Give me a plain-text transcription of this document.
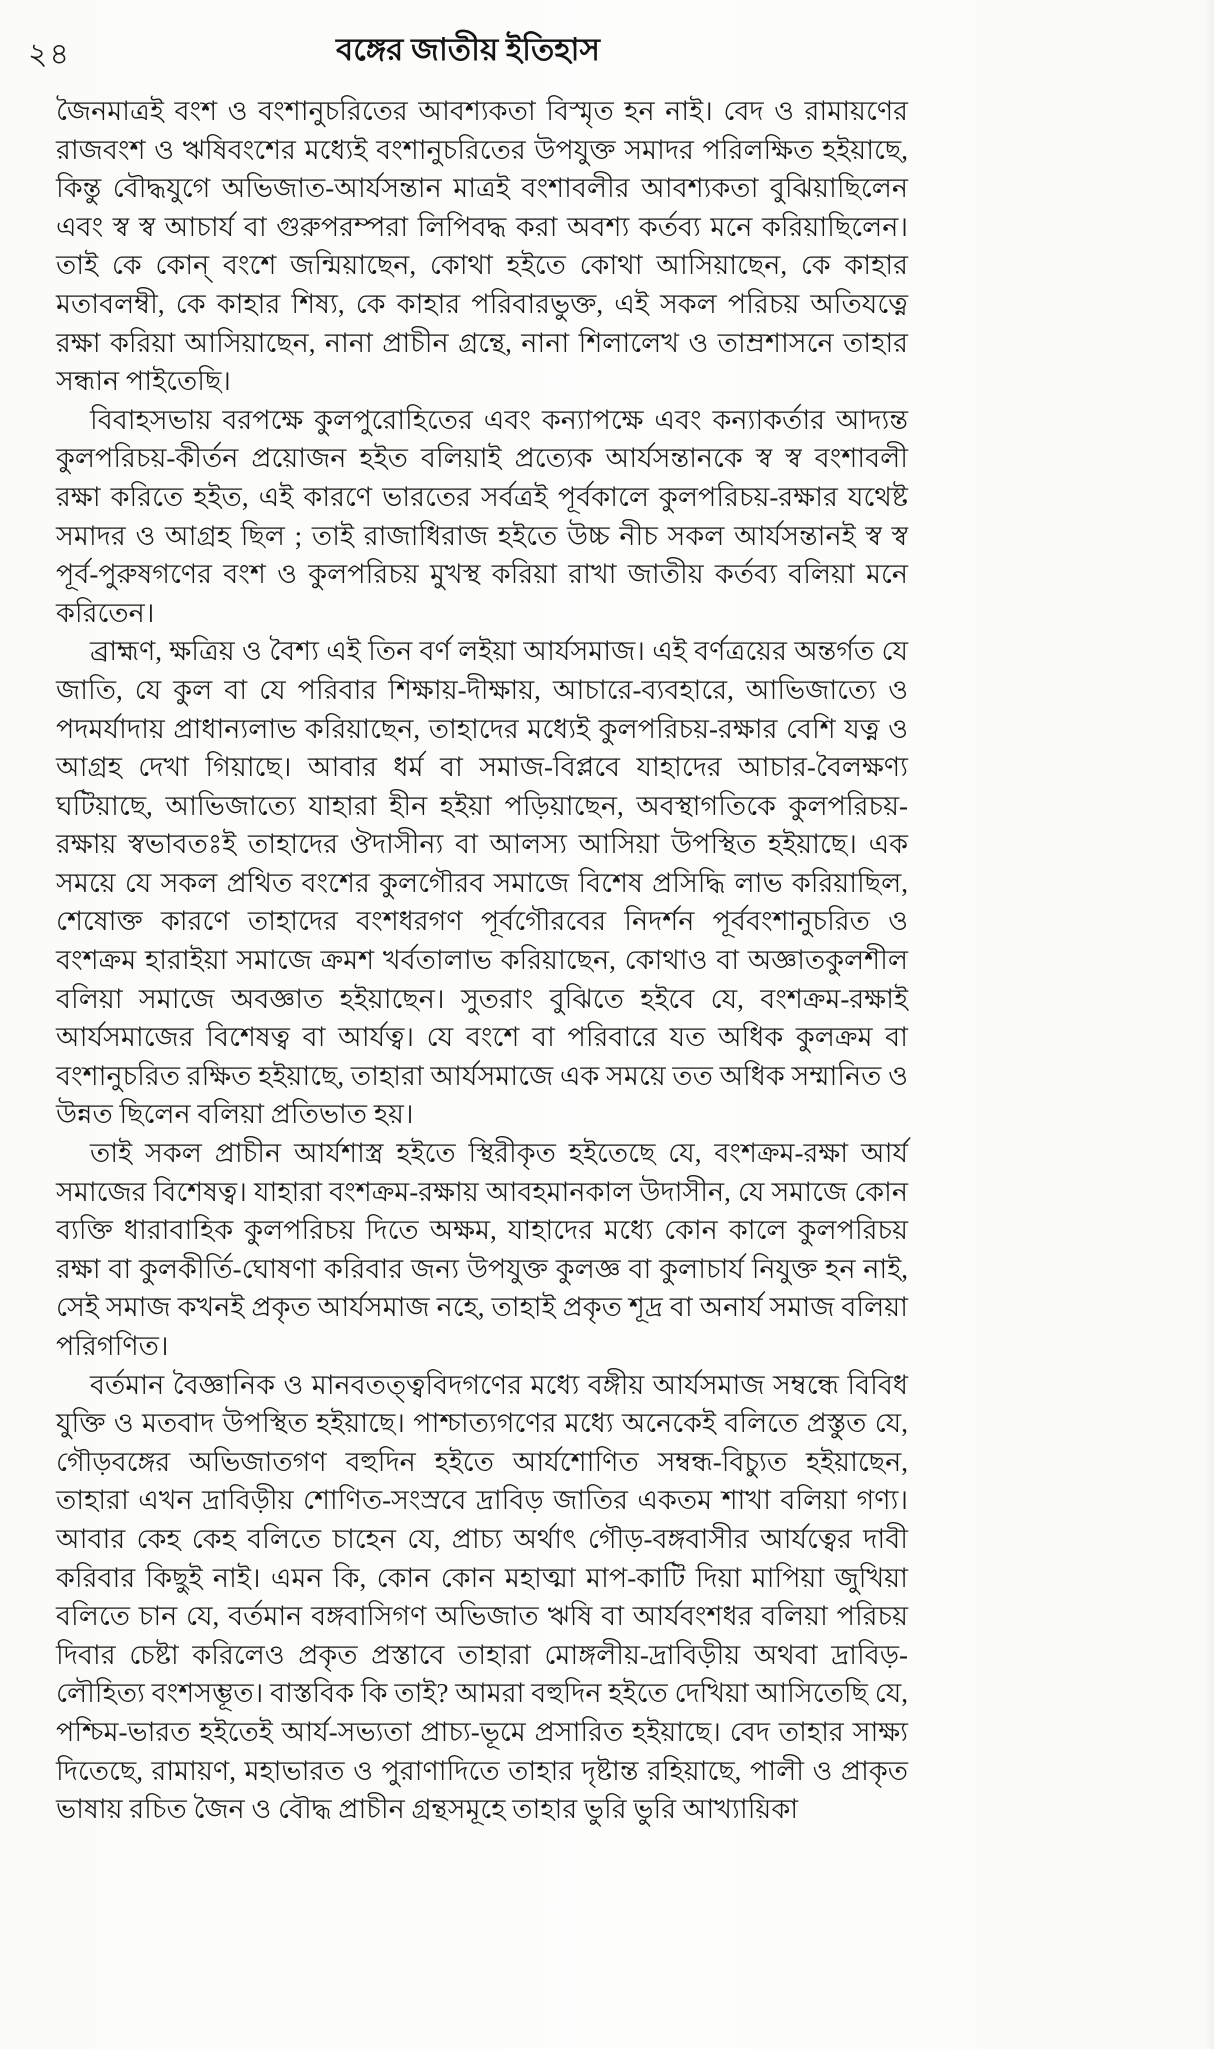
২৪	বঙ্গের জাতীয় ইতিহাস

জৈনমাত্রই বংশ ও বংশানুচরিতের আবশ্যকতা বিস্মৃত হন নাই। বেদ ও রামায়ণের রাজবংশ ও ঋষিবংশের মধ্যেই বংশানুচরিতের উপযুক্ত সমাদর পরিলক্ষিত হইয়াছে, কিন্তু বৌদ্ধযুগে অভিজাত-আর্যসন্তান মাত্রই বংশাবলীর আবশ্যকতা বুঝিয়াছিলেন এবং স্ব স্ব আচার্য বা গুরুপরম্পরা লিপিবদ্ধ করা অবশ্য কর্তব্য মনে করিয়াছিলেন। তাই কে কোন্ বংশে জন্মিয়াছেন, কোথা হইতে কোথা আসিয়াছেন, কে কাহার মতাবলম্বী, কে কাহার শিষ্য, কে কাহার পরিবারভুক্ত, এই সকল পরিচয় অতিযত্নে রক্ষা করিয়া আসিয়াছেন, নানা প্রাচীন গ্রন্থে, নানা শিলালেখ ও তাম্রশাসনে তাহার সন্ধান পাইতেছি।

বিবাহসভায় বরপক্ষে কুলপুরোহিতের এবং কন্যাপক্ষে এবং কন্যাকর্তার আদ্যন্ত কুলপরিচয়-কীর্তন প্রয়োজন হইত বলিয়াই প্রত্যেক আর্যসন্তানকে স্ব স্ব বংশাবলী রক্ষা করিতে হইত, এই কারণে ভারতের সর্বত্রই পূর্বকালে কুলপরিচয়-রক্ষার যথেষ্ট সমাদর ও আগ্রহ ছিল ; তাই রাজাধিরাজ হইতে উচ্চ নীচ সকল আর্যসন্তানই স্ব স্ব পূর্ব-পুরুষগণের বংশ ও কুলপরিচয় মুখস্থ করিয়া রাখা জাতীয় কর্তব্য বলিয়া মনে করিতেন।

ব্রাহ্মণ, ক্ষত্রিয় ও বৈশ্য এই তিন বর্ণ লইয়া আর্যসমাজ। এই বর্ণত্রয়ের অন্তর্গত যে জাতি, যে কুল বা যে পরিবার শিক্ষায়-দীক্ষায়, আচারে-ব্যবহারে, আভিজাত্যে ও পদমর্যাদায় প্রাধান্যলাভ করিয়াছেন, তাহাদের মধ্যেই কুলপরিচয়-রক্ষার বেশি যত্ন ও আগ্রহ দেখা গিয়াছে। আবার ধর্ম বা সমাজ-বিপ্লবে যাহাদের আচার-বৈলক্ষণ্য ঘটিয়াছে, আভিজাত্যে যাহারা হীন হইয়া পড়িয়াছেন, অবস্থাগতিকে কুলপরিচয়-রক্ষায় স্বভাবতঃই তাহাদের ঔদাসীন্য বা আলস্য আসিয়া উপস্থিত হইয়াছে। এক সময়ে যে সকল প্রথিত বংশের কুলগৌরব সমাজে বিশেষ প্রসিদ্ধি লাভ করিয়াছিল, শেষোক্ত কারণে তাহাদের বংশধরগণ পূর্বগৌরবের নিদর্শন পূর্ববংশানুচরিত ও বংশক্রম হারাইয়া সমাজে ক্রমশ খর্বতালাভ করিয়াছেন, কোথাও বা অজ্ঞাতকুলশীল বলিয়া সমাজে অবজ্ঞাত হইয়াছেন। সুতরাং বুঝিতে হইবে যে, বংশক্রম-রক্ষাই আর্যসমাজের বিশেষত্ব বা আর্যত্ব। যে বংশে বা পরিবারে যত অধিক কুলক্রম বা বংশানুচরিত রক্ষিত হইয়াছে, তাহারা আর্যসমাজে এক সময়ে তত অধিক সম্মানিত ও উন্নত ছিলেন বলিয়া প্রতিভাত হয়।

তাই সকল প্রাচীন আর্যশাস্ত্র হইতে স্থিরীকৃত হইতেছে যে, বংশক্রম-রক্ষা আর্য সমাজের বিশেষত্ব। যাহারা বংশক্রম-রক্ষায় আবহমানকাল উদাসীন, যে সমাজে কোন ব্যক্তি ধারাবাহিক কুলপরিচয় দিতে অক্ষম, যাহাদের মধ্যে কোন কালে কুলপরিচয় রক্ষা বা কুলকীর্তি-ঘোষণা করিবার জন্য উপযুক্ত কুলজ্ঞ বা কুলাচার্য নিযুক্ত হন নাই, সেই সমাজ কখনই প্রকৃত আর্যসমাজ নহে, তাহাই প্রকৃত শূদ্র বা অনার্য সমাজ বলিয়া পরিগণিত।

বর্তমান বৈজ্ঞানিক ও মানবতত্ত্ববিদগণের মধ্যে বঙ্গীয় আর্যসমাজ সম্বন্ধে বিবিধ যুক্তি ও মতবাদ উপস্থিত হইয়াছে। পাশ্চাত্যগণের মধ্যে অনেকেই বলিতে প্রস্তুত যে, গৌড়বঙ্গের অভিজাতগণ বহুদিন হইতে আর্যশোণিত সম্বন্ধ-বিচ্যুত হইয়াছেন, তাহারা এখন দ্রাবিড়ীয় শোণিত-সংস্রবে দ্রাবিড় জাতির একতম শাখা বলিয়া গণ্য। আবার কেহ কেহ বলিতে চাহেন যে, প্রাচ্য অর্থাৎ গৌড়-বঙ্গবাসীর আর্যত্বের দাবী করিবার কিছুই নাই। এমন কি, কোন কোন মহাত্মা মাপ-কাটি দিয়া মাপিয়া জুখিয়া বলিতে চান যে, বর্তমান বঙ্গবাসিগণ অভিজাত ঋষি বা আর্যবংশধর বলিয়া পরিচয় দিবার চেষ্টা করিলেও প্রকৃত প্রস্তাবে তাহারা মোঙ্গলীয়-দ্রাবিড়ীয় অথবা দ্রাবিড়-লৌহিত্য বংশসম্ভূত। বাস্তবিক কি তাই? আমরা বহুদিন হইতে দেখিয়া আসিতেছি যে, পশ্চিম-ভারত হইতেই আর্য-সভ্যতা প্রাচ্য-ভূমে প্রসারিত হইয়াছে। বেদ তাহার সাক্ষ্য দিতেছে, রামায়ণ, মহাভারত ও পুরাণাদিতে তাহার দৃষ্টান্ত রহিয়াছে, পালী ও প্রাকৃত ভাষায় রচিত জৈন ও বৌদ্ধ প্রাচীন গ্রন্থসমূহে তাহার ভুরি ভুরি আখ্যায়িকা
